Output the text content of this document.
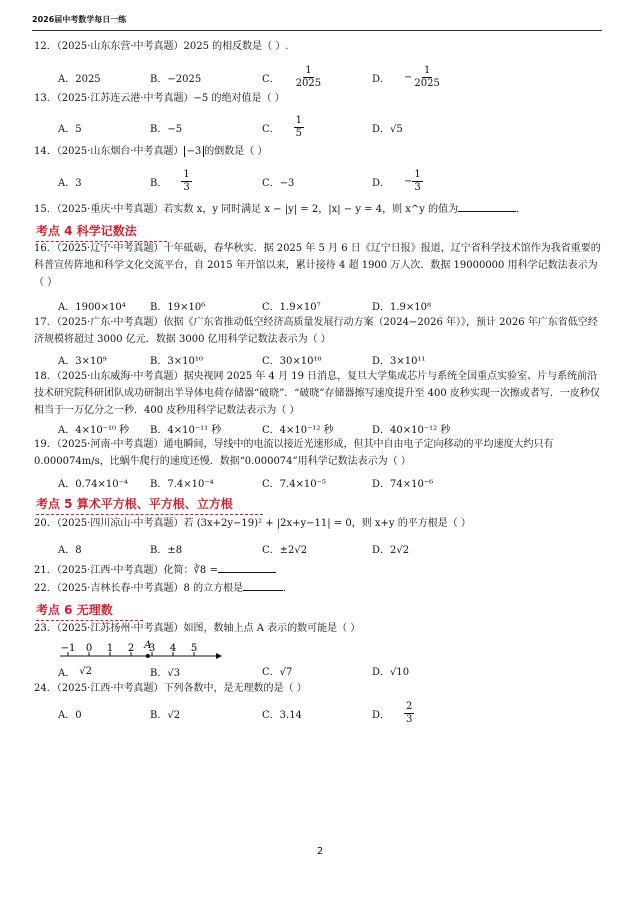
2026届中考数学每日一练
12．（2025·山东东营·中考真题）2025 的相反数是（ ）.
A．2025	B．−2025	C． $\frac{1}{2025}$	D． − $\frac{1}{2025}$
13．（2025·江苏连云港·中考真题）−5 的绝对值是（ ）
A．5	B．−5	C． $\frac{1}{5}$	D．√5
14．（2025·山东烟台·中考真题） −3 的倒数是（ ）
A．3	B． $\frac{1}{3}$	C．−3	D． − $\frac{1}{3}$
15．（2025·重庆·中考真题）若实数 x，y 同时满足 x − |y| = 2，|x| − y = 4，则 x^y 的值为	．
考点 4 科学记数法
16．（2025·辽宁·中考真题）十年砥砺，春华秋实．据 2025 年 5 月 6 日《辽宁日报》报道，辽宁省科学技术馆作为我省重要的科普宣传阵地和科学文化交流平台，自 2015 年开馆以来，累计接待 4 超 1900 万人次．数据 19000000 用科学记数法表示为（ ）
A．1900×10⁴ B．19×10⁶	C．1.9×10⁷	D．1.9×10⁸
17．（2025·广东·中考真题）依据《广东省推动低空经济高质量发展行动方案（2024−2026 年）》，预计 2026 年广东省低空经济规模将超过 3000 亿元．数据 3000 亿用科学记数法表示为（ ）
A．3×10⁹	B．3×10¹⁰	C．30×10¹⁰	D．3×10¹¹
18．（2025·山东威海·中考真题）据央视网 2025 年 4 月 19 日消息，复旦大学集成芯片与系统全国重点实验室、片与系统前沿技术研究院科研团队成功研制出半导体电荷存储器“破晓”．“破晓”存储器擦写速度提升至 400 皮秒实现一次擦或者写．一皮秒仅相当于一万亿分之一秒．400 皮秒用科学记数法表示为（ ）
A．4×10⁻¹⁰ 秒 B．4×10⁻¹¹ 秒	C．4×10⁻¹² 秒	D．40×10⁻¹² 秒
19．（2025·河南·中考真题）通电瞬间，导线中的电流以接近光速形成，但其中自由电子定向移动的平均速度大约只有 0.000074m/s，比蜗牛爬行的速度还慢．数据“0.000074”用科学记数法表示为（ ）
A．0.74×10⁻⁴ B．7.4×10⁻⁴	C．7.4×10⁻⁵	D．74×10⁻⁶
考点 5 算术平方根、平方根、立方根
20．（2025·四川凉山·中考真题）若 (3x+2y−19)² + |2x+y−11| = 0，则 x+y 的平方根是（ ）
A．8	B．±8	C．±2√2	D．2√2
21．（2025·江西·中考真题）化简：∛8 =
22．（2025·吉林长春·中考真题）8 的立方根是	．
考点 6 无理数
23．（2025·江苏扬州·中考真题）如图，数轴上点 A 表示的数可能是（ ）
−1 0 1 2 3 4 5
A
A． √2	B．√3	C．√7	D．√10
24．（2025·江西·中考真题）下列各数中，是无理数的是（ ）
A．0	B．√2	C．3.14	D． $\frac{2}{3}$
2
